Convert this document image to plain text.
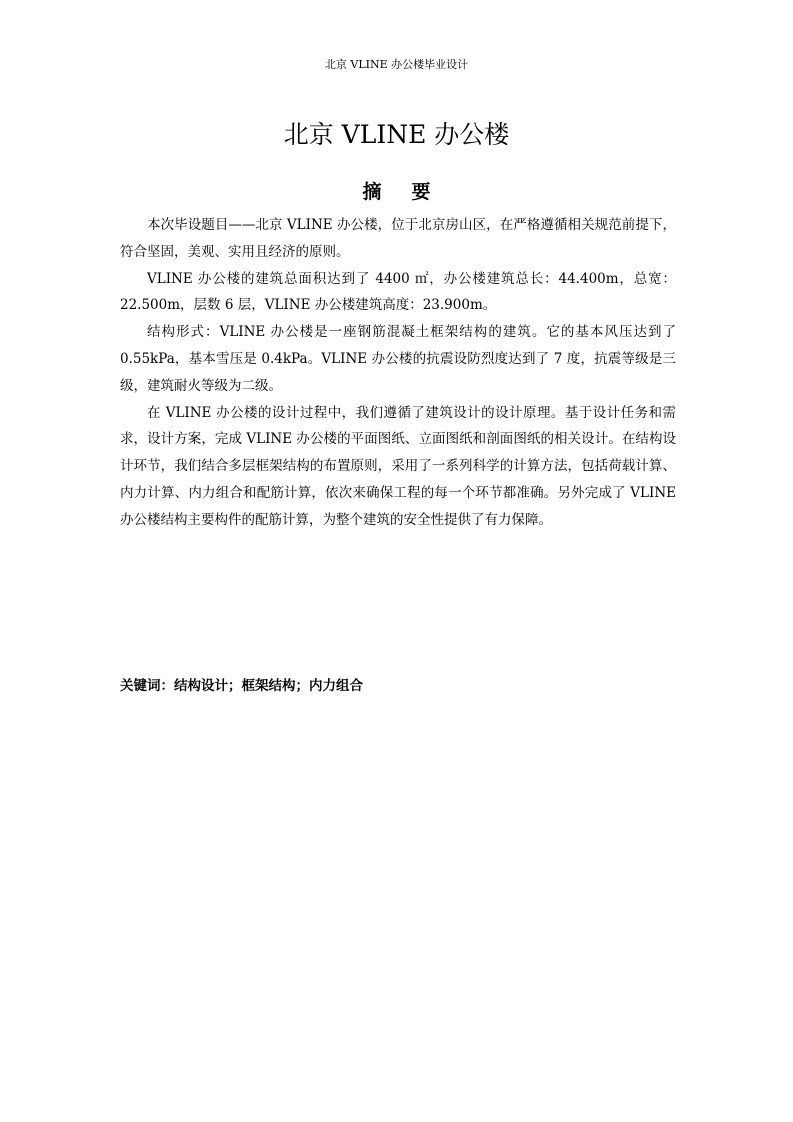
北京 VLINE 办公楼毕业设计
北京 VLINE 办公楼
摘要

本次毕设题目——北京 VLINE 办公楼，位于北京房山区，在严格遵循相关规范前提下，符合坚固，美观、实用且经济的原则。

VLINE 办公楼的建筑总面积达到了 4400 ㎡，办公楼建筑总长：44.400m，总宽：22.500m，层数 6 层，VLINE 办公楼建筑高度：23.900m。

结构形式：VLINE 办公楼是一座钢筋混凝土框架结构的建筑。它的基本风压达到了 0.55kPa，基本雪压是 0.4kPa。VLINE 办公楼的抗震设防烈度达到了 7 度，抗震等级是三级，建筑耐火等级为二级。

在 VLINE 办公楼的设计过程中，我们遵循了建筑设计的设计原理。基于设计任务和需求，设计方案，完成 VLINE 办公楼的平面图纸、立面图纸和剖面图纸的相关设计。在结构设计环节，我们结合多层框架结构的布置原则，采用了一系列科学的计算方法，包括荷载计算、内力计算、内力组合和配筋计算，依次来确保工程的每一个环节都准确。另外完成了 VLINE 办公楼结构主要构件的配筋计算，为整个建筑的安全性提供了有力保障。

关键词：结构设计；框架结构；内力组合
